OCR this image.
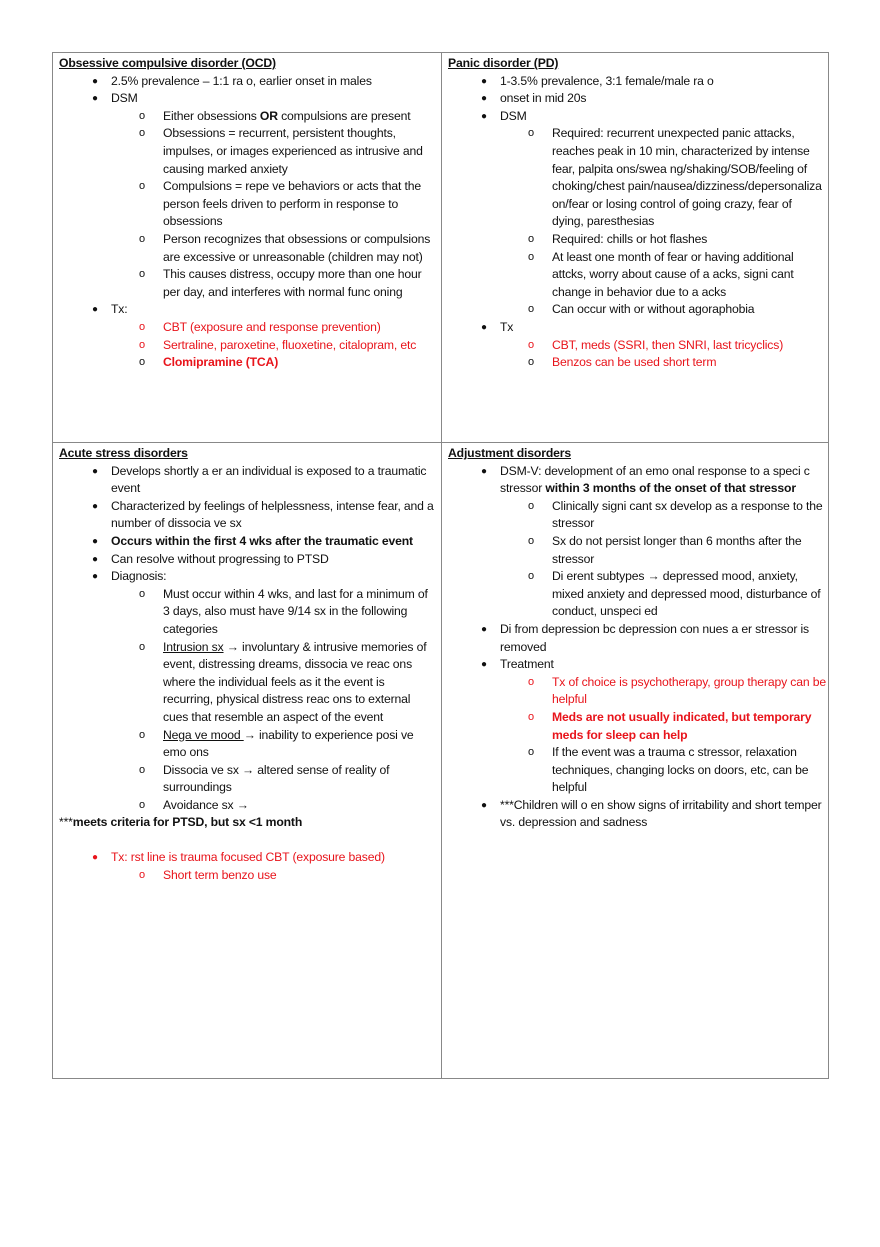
Obsessive compulsive disorder (OCD)
● 2.5% prevalence – 1:1 ra o, earlier onset in males
● DSM
o Either obsessions OR compulsions are present
o Obsessions = recurrent, persistent thoughts, impulses, or images experienced as intrusive and causing marked anxiety
o Compulsions = repe ve behaviors or acts that the person feels driven to perform in response to obsessions
o Person recognizes that obsessions or compulsions are excessive or unreasonable (children may not)
o This causes distress, occupy more than one hour per day, and interferes with normal func oning
● Tx:
o CBT (exposure and response prevention)
o Sertraline, paroxetine, fluoxetine, citalopram, etc
o Clomipramine (TCA)
Panic disorder (PD)
● 1-3.5% prevalence, 3:1 female/male ra o
● onset in mid 20s
● DSM
o Required: recurrent unexpected panic attacks, reaches peak in 10 min, characterized by intense fear, palpita ons/swea ng/shaking/SOB/feeling of choking/chest pain/nausea/dizziness/depersonaliza on/fear or losing control of going crazy, fear of dying, paresthesias
o Required: chills or hot flashes
o At least one month of fear or having additional attcks, worry about cause of a acks, signi cant change in behavior due to a acks
o Can occur with or without agoraphobia
● Tx
o CBT, meds (SSRI, then SNRI, last tricyclics)
o Benzos can be used short term
Acute stress disorders
● Develops shortly a er an individual is exposed to a traumatic event
● Characterized by feelings of helplessness, intense fear, and a number of dissocia ve sx
● Occurs within the first 4 wks after the traumatic event
● Can resolve without progressing to PTSD
● Diagnosis:
o Must occur within 4 wks, and last for a minimum of 3 days, also must have 9/14 sx in the following categories
o Intrusion sx → involuntary & intrusive memories of event, distressing dreams, dissocia ve reac ons where the individual feels as it the event is recurring, physical distress reac ons to external cues that resemble an aspect of the event
o Nega ve mood → inability to experience posi ve emo ons
o Dissocia ve sx → altered sense of reality of surroundings
o Avoidance sx →
***meets criteria for PTSD, but sx <1 month
● Tx: rst line is trauma focused CBT (exposure based)
o Short term benzo use
Adjustment disorders
● DSM-V: development of an emo onal response to a speci c stressor within 3 months of the onset of that stressor
o Clinically signi cant sx develop as a response to the stressor
o Sx do not persist longer than 6 months after the stressor
o Di erent subtypes → depressed mood, anxiety, mixed anxiety and depressed mood, disturbance of conduct, unspeci ed
● Di from depression bc depression con nues a er stressor is removed
● Treatment
o Tx of choice is psychotherapy, group therapy can be helpful
o Meds are not usually indicated, but temporary meds for sleep can help
o If the event was a trauma c stressor, relaxation techniques, changing locks on doors, etc, can be helpful
● ***Children will o en show signs of irritability and short temper vs. depression and sadness
